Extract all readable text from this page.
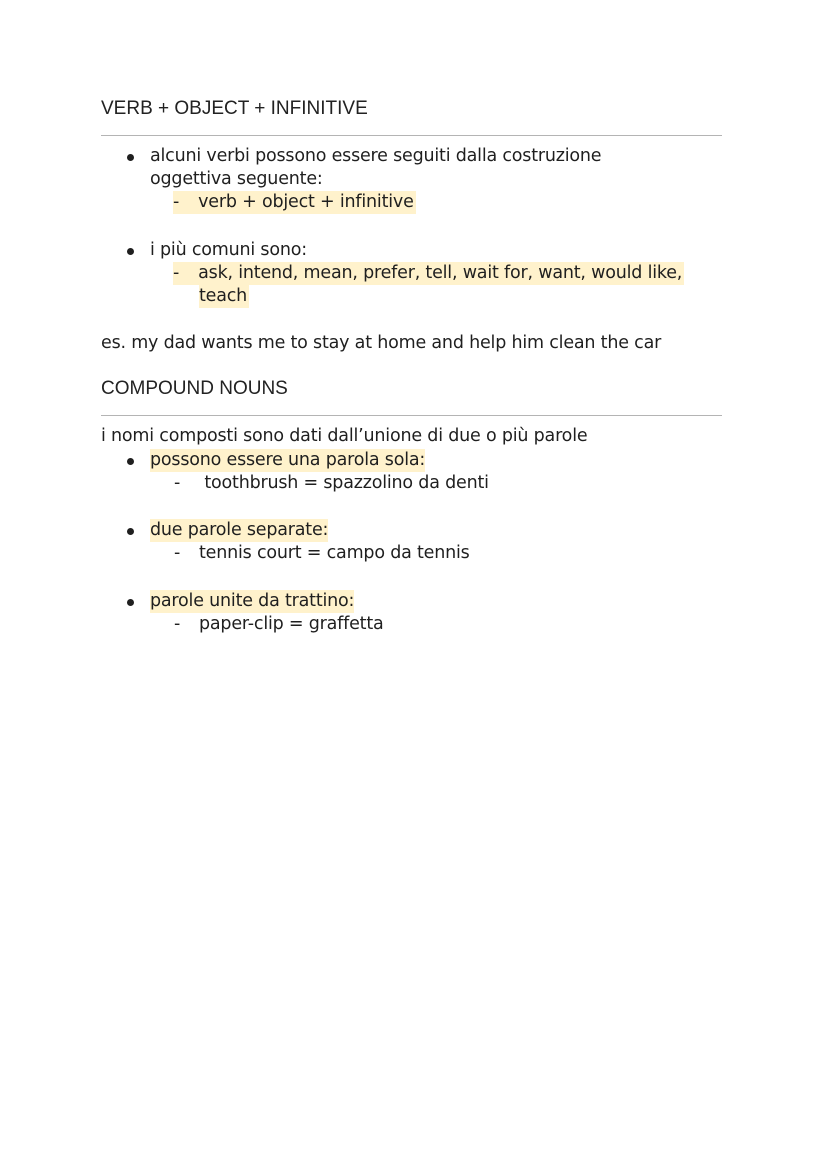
VERB + OBJECT + INFINITIVE
alcuni verbi possono essere seguiti dalla costruzione
oggettiva seguente:
- verb + object + infinitive
i più comuni sono:
- ask, intend, mean, prefer, tell, wait for, want, would like,
teach
es. my dad wants me to stay at home and help him clean the car
COMPOUND NOUNS
i nomi composti sono dati dall’unione di due o più parole
possono essere una parola sola:
- toothbrush = spazzolino da denti
due parole separate:
- tennis court = campo da tennis
parole unite da trattino:
- paper-clip = graffetta
